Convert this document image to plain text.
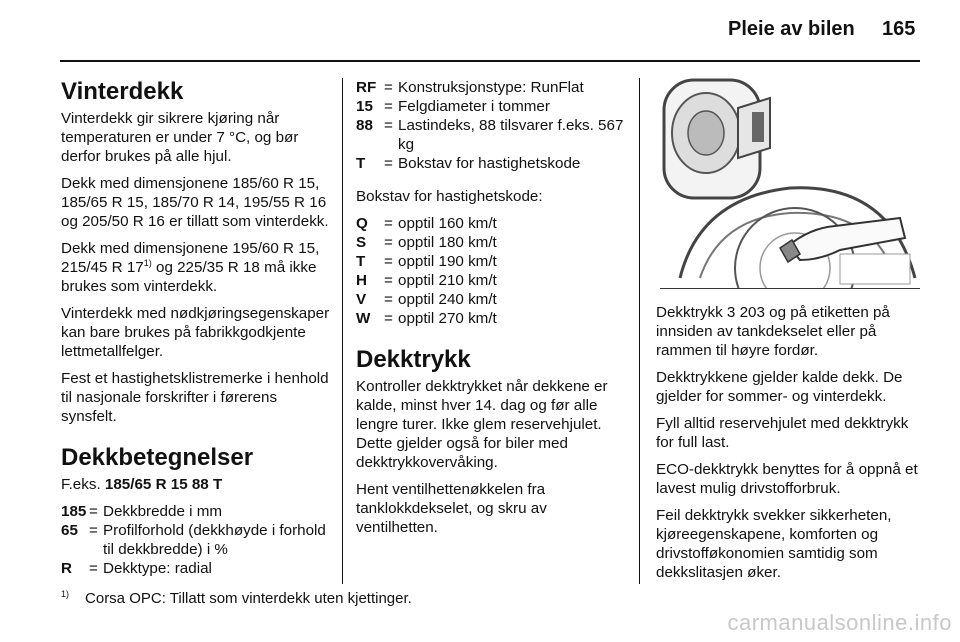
Pleie av bilen 165
Vinterdekk

Vinterdekk gir sikrere kjøring når temperaturen er under 7 °C, og bør derfor brukes på alle hjul.

Dekk med dimensjonene 185/60 R 15, 185/65 R 15, 185/70 R 14, 195/55 R 16 og 205/50 R 16 er tillatt som vinterdekk.

Dekk med dimensjonene 195/60 R 15, 215/45 R 17$^{1)}$ og 225/35 R 18 må ikke brukes som vinterdekk.

Vinterdekk med nødkjøringsegenskaper kan bare brukes på fabrikkgodkjente lettmetallfelger.

Fest et hastighetsklistremerke i henhold til nasjonale forskrifter i førerens synsfelt.

Dekkbetegnelser

F.eks. 185/65 R 15 88 T

185 = Dekkbredde i mm
65 = Profilforhold (dekkhøyde i forhold til dekkbredde) i %
R	= Dekktype: radial
RF = Konstruksjonstype: RunFlat
15 = Felgdiameter i tommer
88 = Lastindeks, 88 tilsvarer f.eks. 567 kg
T	= Bokstav for hastighetskode

Bokstav for hastighetskode:

Q	= opptil 160 km/t
S	= opptil 180 km/t
T	= opptil 190 km/t
H	= opptil 210 km/t
V	= opptil 240 km/t
W = opptil 270 km/t
Dekktrykk

Kontroller dekktrykket når dekkene er kalde, minst hver 14. dag og før alle lengre turer. Ikke glem reservehjulet. Dette gjelder også for biler med dekktrykkovervåking.

Hent ventilhettenøkkelen fra tanklokkdekselet, og skru av ventilhetten.

Dekktrykk 3 203 og på etiketten på innsiden av tankdekselet eller på rammen til høyre fordør.

Dekktrykkene gjelder kalde dekk. De gjelder for sommer- og vinterdekk.

Fyll alltid reservehjulet med dekktrykk for full last.

ECO-dekktrykk benyttes for å oppnå et lavest mulig drivstofforbruk.

Feil dekktrykk svekker sikkerheten, kjøreegenskapene, komforten og drivstofføkonomien samtidig som dekkslitasjen øker.

$^{1)}$ Corsa OPC: Tillatt som vinterdekk uten kjettinger.
carmanualsonline.info
